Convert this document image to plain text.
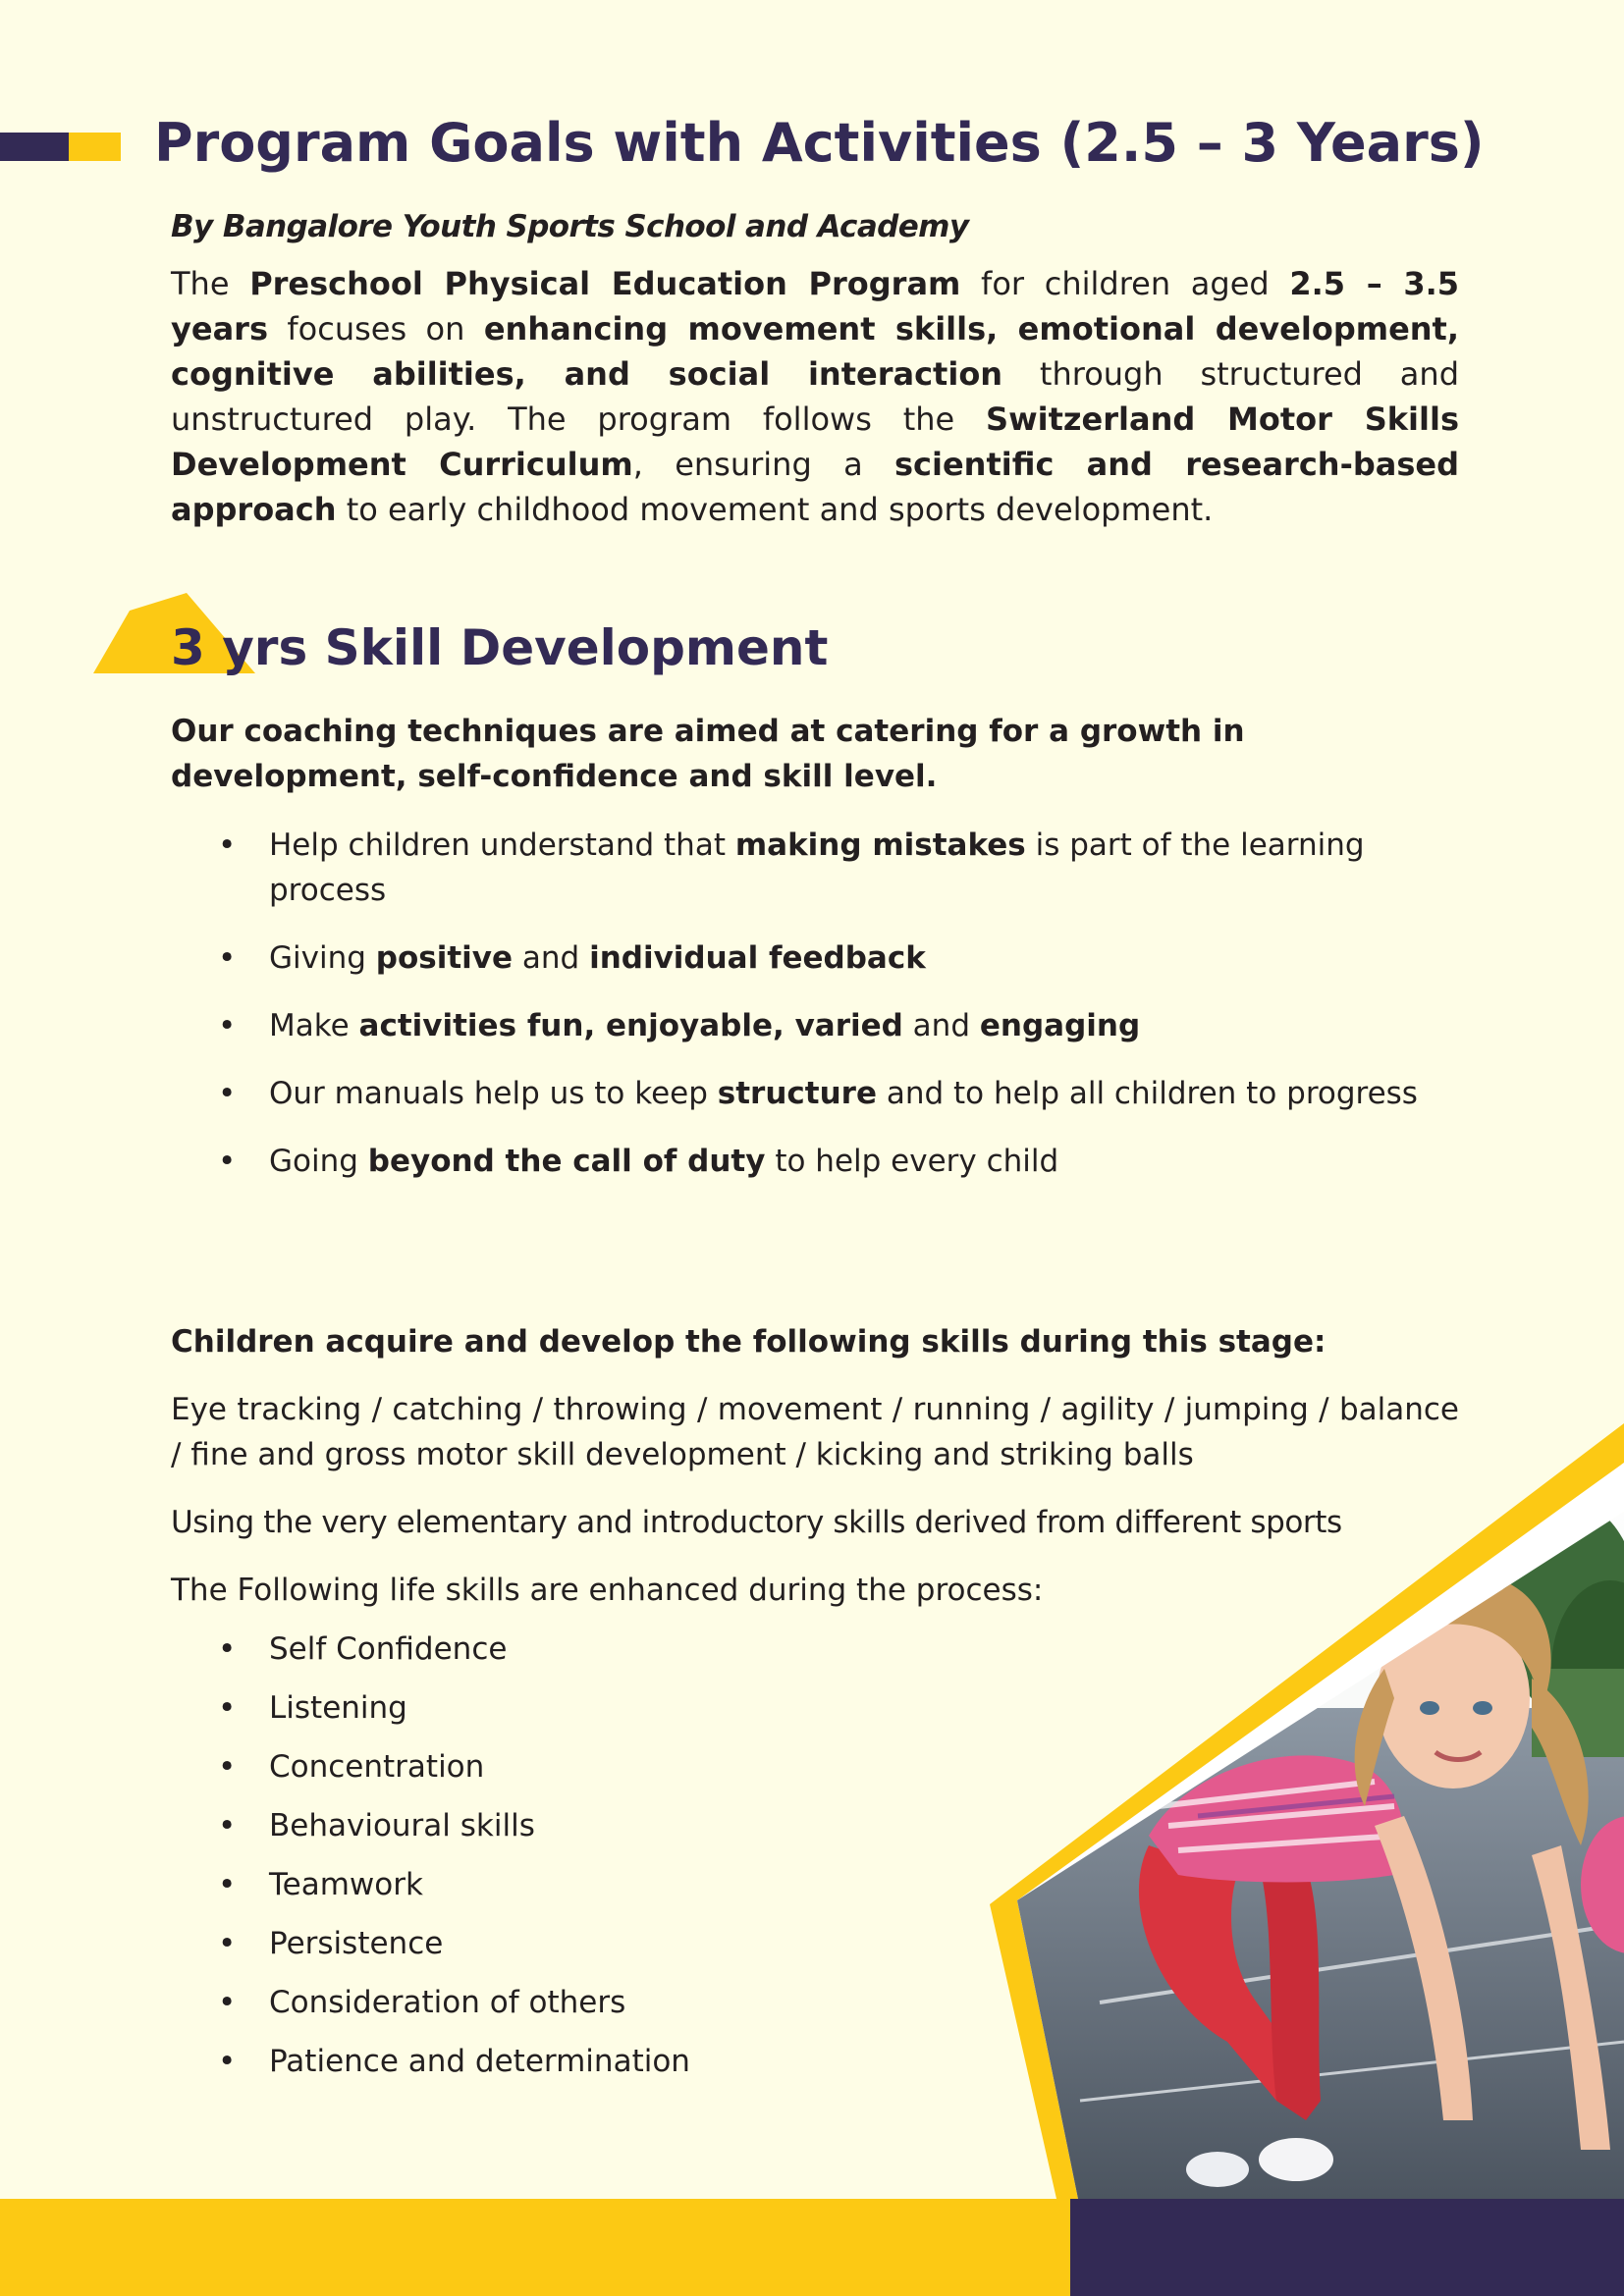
Program Goals with Activities (2.5 – 3 Years)

By Bangalore Youth Sports School and Academy

The Preschool Physical Education Program for children aged 2.5 – 3.5 years focuses on enhancing movement skills, emotional development, cognitive abilities, and social interaction through structured and unstructured play. The program follows the Switzerland Motor Skills Development Curriculum, ensuring a scientific and research-based approach to early childhood movement and sports development.

3 yrs Skill Development

Our coaching techniques are aimed at catering for a growth in development, self-confidence and skill level.

• Help children understand that making mistakes is part of the learning process
• Giving positive and individual feedback
• Make activities fun, enjoyable, varied and engaging
• Our manuals help us to keep structure and to help all children to progress
• Going beyond the call of duty to help every child

Children acquire and develop the following skills during this stage:

Eye tracking / catching / throwing / movement / running / agility / jumping / balance / fine and gross motor skill development / kicking and striking balls

Using the very elementary and introductory skills derived from different sports

The Following life skills are enhanced during the process:

• Self Confidence
• Listening
• Concentration
• Behavioural skills
• Teamwork
• Persistence
• Consideration of others
• Patience and determination
